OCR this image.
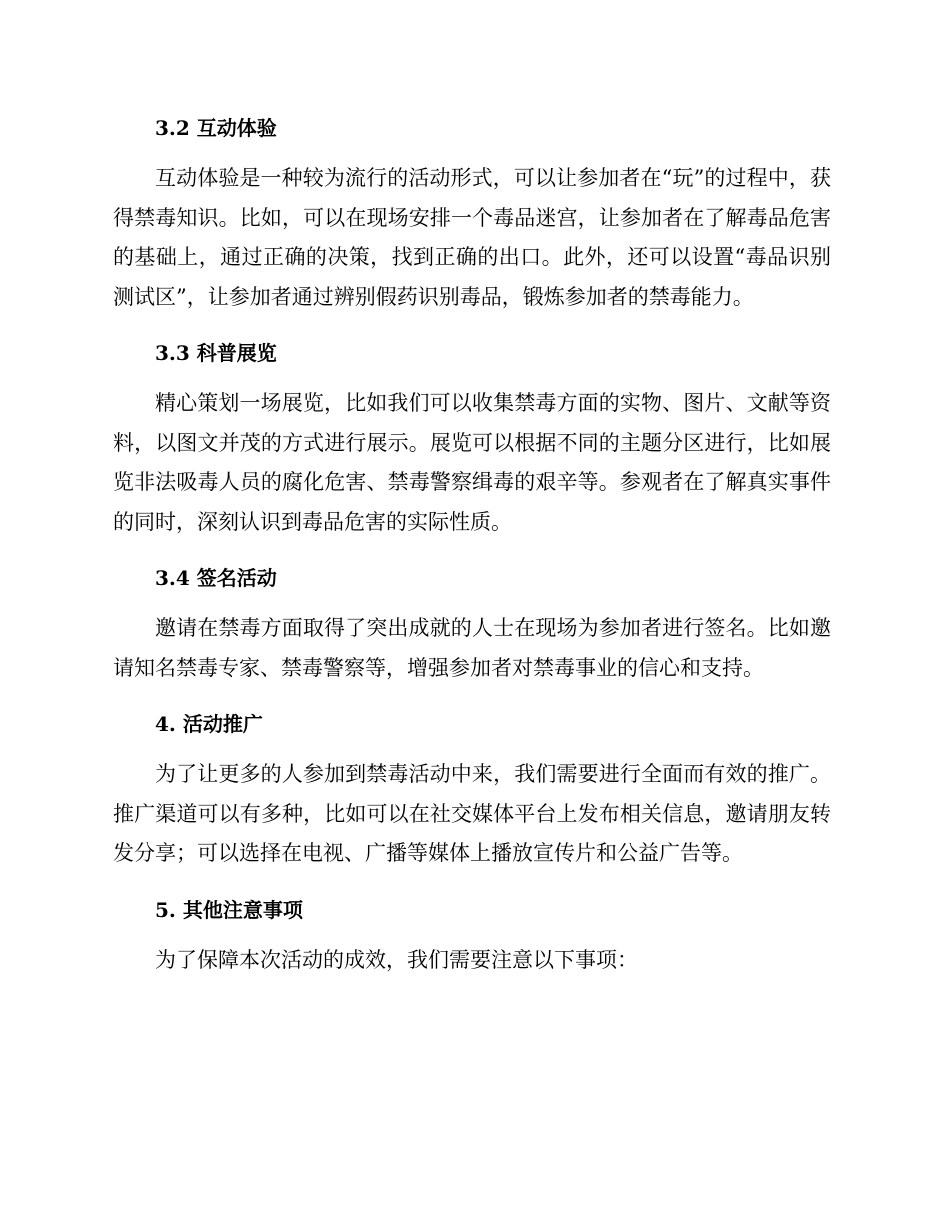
3.2 互动体验

互动体验是一种较为流行的活动形式，可以让参加者在“玩”的过程中，获得禁毒知识。比如，可以在现场安排一个毒品迷宫，让参加者在了解毒品危害的基础上，通过正确的决策，找到正确的出口。此外，还可以设置“毒品识别测试区”，让参加者通过辨别假药识别毒品，锻炼参加者的禁毒能力。

3.3 科普展览

精心策划一场展览，比如我们可以收集禁毒方面的实物、图片、文献等资料，以图文并茂的方式进行展示。展览可以根据不同的主题分区进行，比如展览非法吸毒人员的腐化危害、禁毒警察缉毒的艰辛等。参观者在了解真实事件的同时，深刻认识到毒品危害的实际性质。

3.4 签名活动

邀请在禁毒方面取得了突出成就的人士在现场为参加者进行签名。比如邀请知名禁毒专家、禁毒警察等，增强参加者对禁毒事业的信心和支持。

4. 活动推广

为了让更多的人参加到禁毒活动中来，我们需要进行全面而有效的推广。推广渠道可以有多种，比如可以在社交媒体平台上发布相关信息，邀请朋友转发分享；可以选择在电视、广播等媒体上播放宣传片和公益广告等。

5. 其他注意事项

为了保障本次活动的成效，我们需要注意以下事项：
